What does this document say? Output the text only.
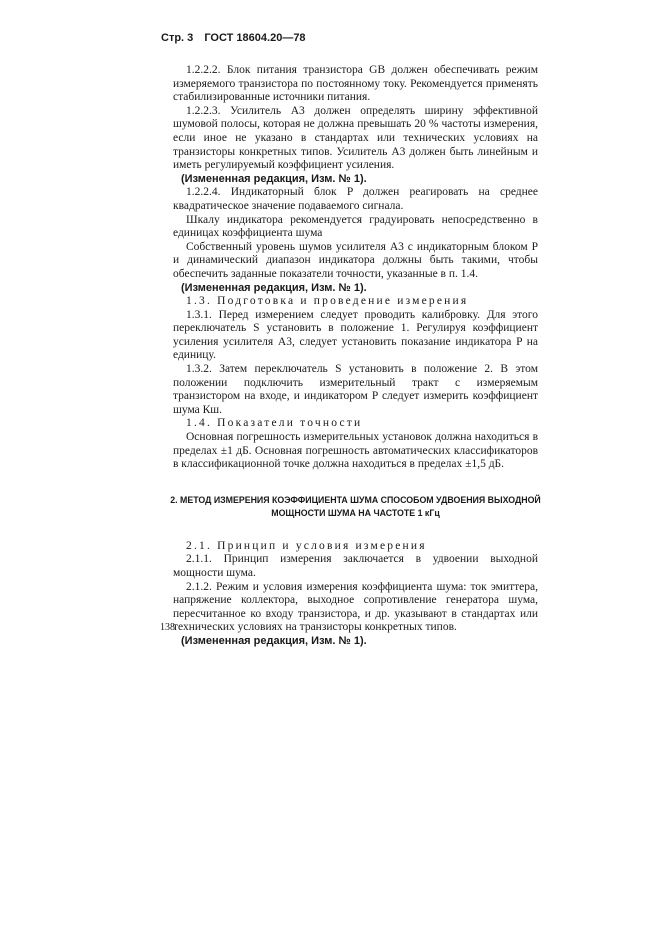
Стр. 3 ГОСТ 18604.20—78

1.2.2.2. Блок питания транзистора GB должен обеспечивать режим измеряемого транзистора по постоянному току. Рекомендуется применять стабилизированные источники питания.

1.2.2.3. Усилитель А3 должен определять ширину эффективной шумовой полосы, которая не должна превышать 20 % частоты измерения, если иное не указано в стандартах или технических условиях на транзисторы конкретных типов. Усилитель А3 должен быть линейным и иметь регулируемый коэффициент усиления.

(Измененная редакция, Изм. № 1).

1.2.2.4. Индикаторный блок P должен реагировать на среднее квадратическое значение подаваемого сигнала.

Шкалу индикатора рекомендуется градуировать непосредственно в единицах коэффициента шума

Собственный уровень шумов усилителя А3 с индикаторным блоком P и динамический диапазон индикатора должны быть такими, чтобы обеспечить заданные показатели точности, указанные в п. 1.4.

(Измененная редакция, Изм. № 1).

1.3. Подготовка и проведение измерения

1.3.1. Перед измерением следует проводить калибровку. Для этого переключатель S установить в положение 1. Регулируя коэффициент усиления усилителя А3, следует установить показание индикатора P на единицу.

1.3.2. Затем переключатель S установить в положение 2. В этом положении подключить измерительный тракт с измеряемым транзистором на входе, и индикатором P следует измерить коэффициент шума Кш.

1.4. Показатели точности

Основная погрешность измерительных установок должна находиться в пределах ±1 дБ. Основная погрешность автоматических классификаторов в классификационной точке должна находиться в пределах ±1,5 дБ.

2. МЕТОД ИЗМЕРЕНИЯ КОЭФФИЦИЕНТА ШУМА СПОСОБОМ УДВОЕНИЯ ВЫХОДНОЙ МОЩНОСТИ ШУМА НА ЧАСТОТЕ 1 кГц

2.1. Принцип и условия измерения

2.1.1. Принцип измерения заключается в удвоении выходной мощности шума.

2.1.2. Режим и условия измерения коэффициента шума: ток эмиттера, напряжение коллектора, выходное сопротивление генератора шума, пересчитанное ко входу транзистора, и др. указывают в стандартах или технических условиях на транзисторы конкретных типов.

(Измененная редакция, Изм. № 1).
138
